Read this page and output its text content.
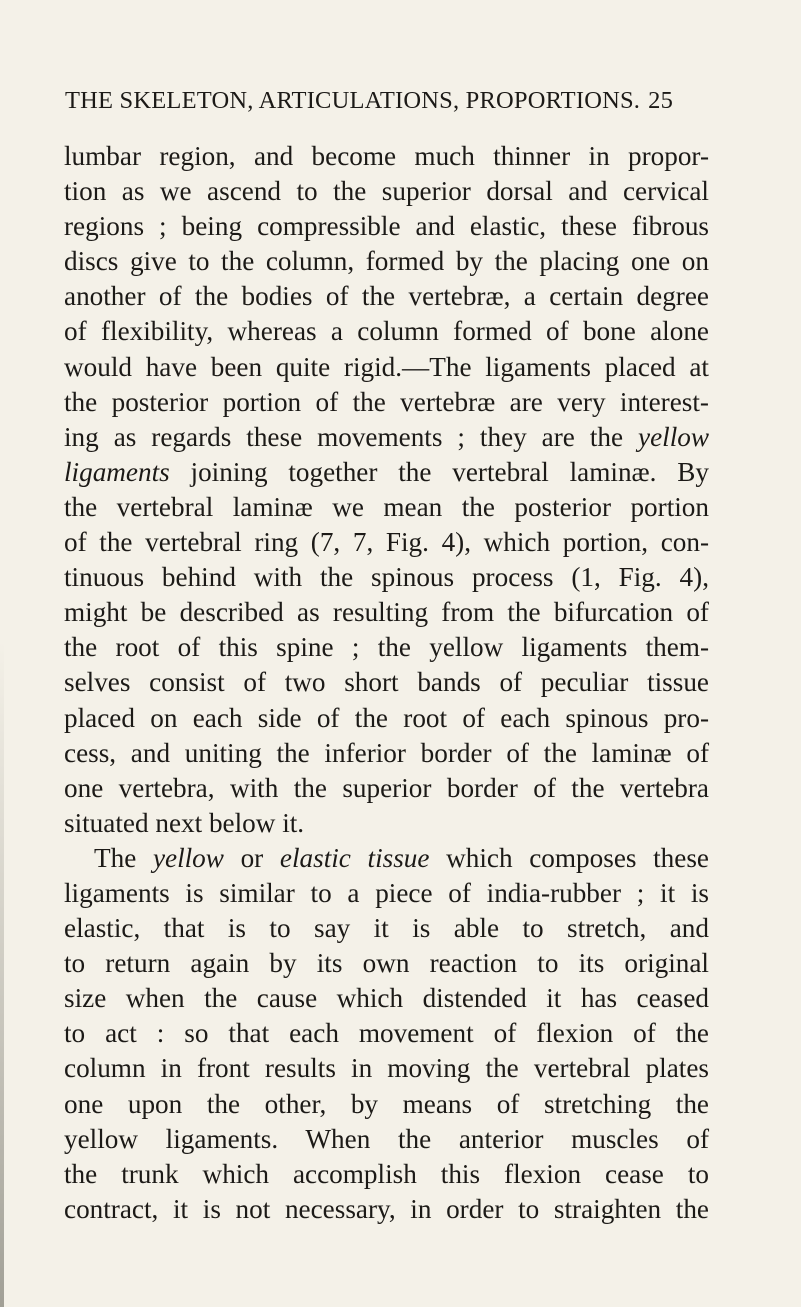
THE SKELETON, ARTICULATIONS, PROPORTIONS. 25
lumbar region, and become much thinner in propor-
tion as we ascend to the superior dorsal and cervical
regions ; being compressible and elastic, these fibrous
discs give to the column, formed by the placing one on
another of the bodies of the vertebræ, a certain degree
of flexibility, whereas a column formed of bone alone
would have been quite rigid.—The ligaments placed at
the posterior portion of the vertebræ are very interest-
ing as regards these movements ; they are the yellow
ligaments joining together the vertebral laminæ. By
the vertebral laminæ we mean the posterior portion
of the vertebral ring (7, 7, Fig. 4), which portion, con-
tinuous behind with the spinous process (1, Fig. 4),
might be described as resulting from the bifurcation of
the root of this spine ; the yellow ligaments them-
selves consist of two short bands of peculiar tissue
placed on each side of the root of each spinous pro-
cess, and uniting the inferior border of the laminæ of
one vertebra, with the superior border of the vertebra
situated next below it.
The yellow or elastic tissue which composes these
ligaments is similar to a piece of india-rubber ; it is
elastic, that is to say it is able to stretch, and
to return again by its own reaction to its original
size when the cause which distended it has ceased
to act : so that each movement of flexion of the
column in front results in moving the vertebral plates
one upon the other, by means of stretching the
yellow ligaments. When the anterior muscles of
the trunk which accomplish this flexion cease to
contract, it is not necessary, in order to straighten the
